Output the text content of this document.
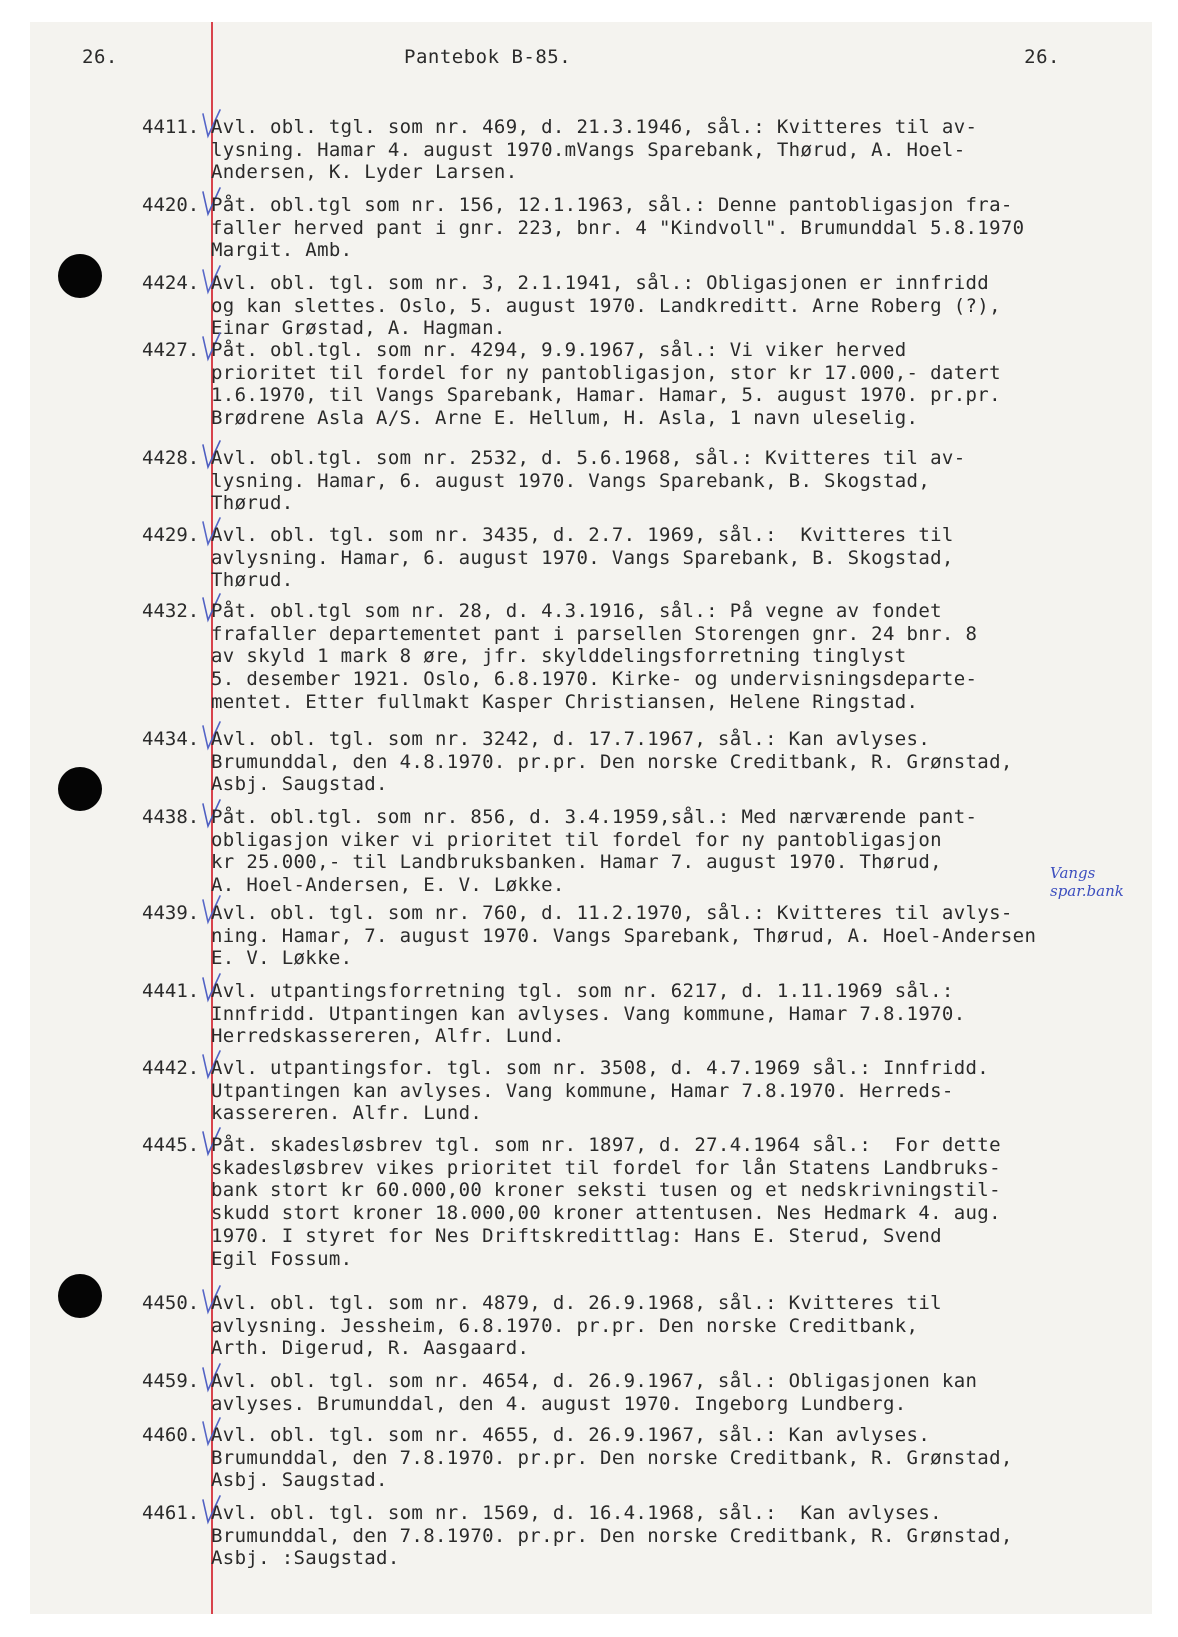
26.	Pantebok B-85.	26.
4411. Avl. obl. tgl. som nr. 469, d. 21.3.1946, sål.: Kvitteres til av-
lysning. Hamar 4. august 1970.mVangs Sparebank, Thørud, A. Hoel-
Andersen, K. Lyder Larsen.
4420. Påt. obl.tgl som nr. 156, 12.1.1963, sål.: Denne pantobligasjon fra-
faller herved pant i gnr. 223, bnr. 4 "Kindvoll". Brumunddal 5.8.1970
Margit. Amb.
4424. Avl. obl. tgl. som nr. 3, 2.1.1941, sål.: Obligasjonen er innfridd
og kan slettes. Oslo, 5. august 1970. Landkreditt. Arne Roberg (?),
Einar Grøstad, A. Hagman.
4427. Påt. obl.tgl. som nr. 4294, 9.9.1967, sål.: Vi viker herved
prioritet til fordel for ny pantobligasjon, stor kr 17.000,- datert
1.6.1970, til Vangs Sparebank, Hamar. Hamar, 5. august 1970. pr.pr.
Brødrene Asla A/S. Arne E. Hellum, H. Asla, 1 navn uleselig.
4428. Avl. obl.tgl. som nr. 2532, d. 5.6.1968, sål.: Kvitteres til av-
lysning. Hamar, 6. august 1970. Vangs Sparebank, B. Skogstad,
Thørud.
4429. Avl. obl. tgl. som nr. 3435, d. 2.7. 1969, sål.:  Kvitteres til
avlysning. Hamar, 6. august 1970. Vangs Sparebank, B. Skogstad,
Thørud.
4432. Påt. obl.tgl som nr. 28, d. 4.3.1916, sål.: På vegne av fondet
frafaller departementet pant i parsellen Storengen gnr. 24 bnr. 8
av skyld 1 mark 8 øre, jfr. skylddelingsforretning tinglyst
5. desember 1921. Oslo, 6.8.1970. Kirke- og undervisningsdeparte-
mentet. Etter fullmakt Kasper Christiansen, Helene Ringstad.
4434. Avl. obl. tgl. som nr. 3242, d. 17.7.1967, sål.: Kan avlyses.
Brumunddal, den 4.8.1970. pr.pr. Den norske Creditbank, R. Grønstad,
Asbj. Saugstad.
4438. Påt. obl.tgl. som nr. 856, d. 3.4.1959,sål.: Med nærværende pant-
obligasjon viker vi prioritet til fordel for ny pantobligasjon
kr 25.000,- til Landbruksbanken. Hamar 7. august 1970. Thørud,
A. Hoel-Andersen, E. V. Løkke.
4439. Avl. obl. tgl. som nr. 760, d. 11.2.1970, sål.: Kvitteres til avlys-
ning. Hamar, 7. august 1970. Vangs Sparebank, Thørud, A. Hoel-Andersen
E. V. Løkke.
4441. Avl. utpantingsforretning tgl. som nr. 6217, d. 1.11.1969 sål.:
Innfridd. Utpantingen kan avlyses. Vang kommune, Hamar 7.8.1970.
Herredskassereren, Alfr. Lund.
4442. Avl. utpantingsfor. tgl. som nr. 3508, d. 4.7.1969 sål.: Innfridd.
Utpantingen kan avlyses. Vang kommune, Hamar 7.8.1970. Herreds-
kassereren. Alfr. Lund.
4445. Påt. skadesløsbrev tgl. som nr. 1897, d. 27.4.1964 sål.:  For dette
skadesløsbrev vikes prioritet til fordel for lån Statens Landbruks-
bank stort kr 60.000,00 kroner seksti tusen og et nedskrivningstil-
skudd stort kroner 18.000,00 kroner attentusen. Nes Hedmark 4. aug.
1970. I styret for Nes Driftskredittlag: Hans E. Sterud, Svend
Egil Fossum.
4450. Avl. obl. tgl. som nr. 4879, d. 26.9.1968, sål.: Kvitteres til
avlysning. Jessheim, 6.8.1970. pr.pr. Den norske Creditbank,
Arth. Digerud, R. Aasgaard.
4459. Avl. obl. tgl. som nr. 4654, d. 26.9.1967, sål.: Obligasjonen kan
avlyses. Brumunddal, den 4. august 1970. Ingeborg Lundberg.
4460. Avl. obl. tgl. som nr. 4655, d. 26.9.1967, sål.: Kan avlyses.
Brumunddal, den 7.8.1970. pr.pr. Den norske Creditbank, R. Grønstad,
Asbj. Saugstad.
4461. Avl. obl. tgl. som nr. 1569, d. 16.4.1968, sål.:  Kan avlyses.
Brumunddal, den 7.8.1970. pr.pr. Den norske Creditbank, R. Grønstad,
Asbj. :Saugstad.
Vangs spar.bank
